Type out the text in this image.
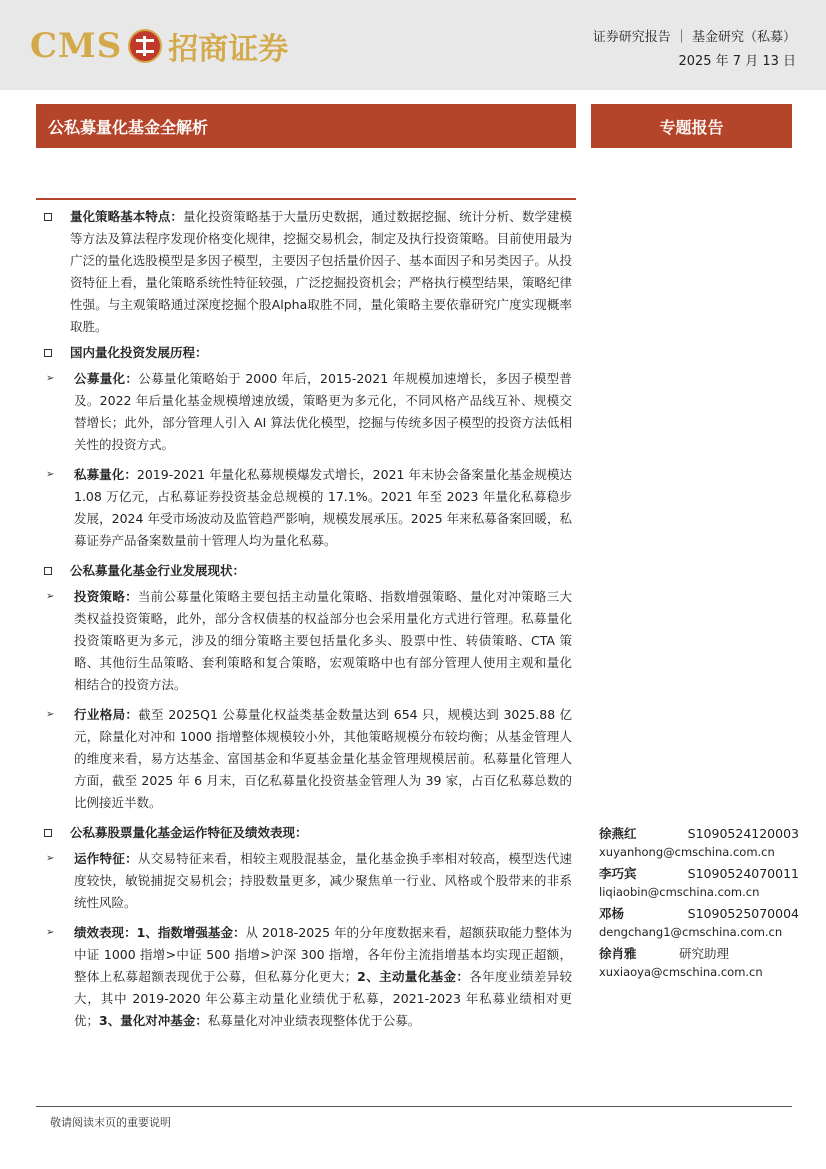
CMS 招商证券	证券研究报告 ｜ 基金研究（私募）
2025 年 7 月 13 日
公私募量化基金全解析	专题报告
量化策略基本特点：量化投资策略基于大量历史数据，通过数据挖掘、统计分析、数学建模等方法及算法程序发现价格变化规律，挖掘交易机会，制定及执行投资策略。目前使用最为广泛的量化选股模型是多因子模型，主要因子包括量价因子、基本面因子和另类因子。从投资特征上看，量化策略系统性特征较强，广泛挖掘投资机会；严格执行模型结果，策略纪律性强。与主观策略通过深度挖掘个股Alpha取胜不同，量化策略主要依靠研究广度实现概率取胜。
国内量化投资发展历程：
➢ 公募量化：公募量化策略始于 2000 年后，2015-2021 年规模加速增长，多因子模型普及。2022 年后量化基金规模增速放缓，策略更为多元化，不同风格产品线互补、规模交替增长；此外，部分管理人引入 AI 算法优化模型，挖掘与传统多因子模型的投资方法低相关性的投资方式。
➢ 私募量化：2019-2021 年量化私募规模爆发式增长，2021 年末协会备案量化基金规模达 1.08 万亿元，占私募证券投资基金总规模的 17.1%。2021 年至 2023 年量化私募稳步发展，2024 年受市场波动及监管趋严影响，规模发展承压。2025 年来私募备案回暖，私募证券产品备案数量前十管理人均为量化私募。
公私募量化基金行业发展现状：
➢ 投资策略：当前公募量化策略主要包括主动量化策略、指数增强策略、量化对冲策略三大类权益投资策略，此外，部分含权债基的权益部分也会采用量化方式进行管理。私募量化投资策略更为多元，涉及的细分策略主要包括量化多头、股票中性、转债策略、CTA 策略、其他衍生品策略、套利策略和复合策略，宏观策略中也有部分管理人使用主观和量化相结合的投资方法。
➢ 行业格局：截至 2025Q1 公募量化权益类基金数量达到 654 只，规模达到 3025.88 亿元，除量化对冲和 1000 指增整体规模较小外，其他策略规模分布较均衡；从基金管理人的维度来看，易方达基金、富国基金和华夏基金量化基金管理规模居前。私募量化管理人方面，截至 2025 年 6 月末，百亿私募量化投资基金管理人为 39 家，占百亿私募总数的比例接近半数。
公私募股票量化基金运作特征及绩效表现：
➢ 运作特征：从交易特征来看，相较主观股混基金，量化基金换手率相对较高，模型迭代速度较快，敏锐捕捉交易机会；持股数量更多，减少聚焦单一行业、风格或个股带来的非系统性风险。
➢ 绩效表现：1、指数增强基金：从 2018-2025 年的分年度数据来看，超额获取能力整体为中证 1000 指增>中证 500 指增>沪深 300 指增，各年份主流指增基本均实现正超额，整体上私募超额表现优于公募，但私募分化更大；2、主动量化基金：各年度业绩差异较大，其中 2019-2020 年公募主动量化业绩优于私募，2021-2023 年私募业绩相对更优；3、量化对冲基金：私募量化对冲业绩表现整体优于公募。
徐燕红	S1090524120003
xuyanhong@cmschina.com.cn
李巧宾	S1090524070011
liqiaobin@cmschina.com.cn
邓杨	S1090525070004
dengchang1@cmschina.com.cn
徐肖雅	研究助理
xuxiaoya@cmschina.com.cn
敬请阅读末页的重要说明
